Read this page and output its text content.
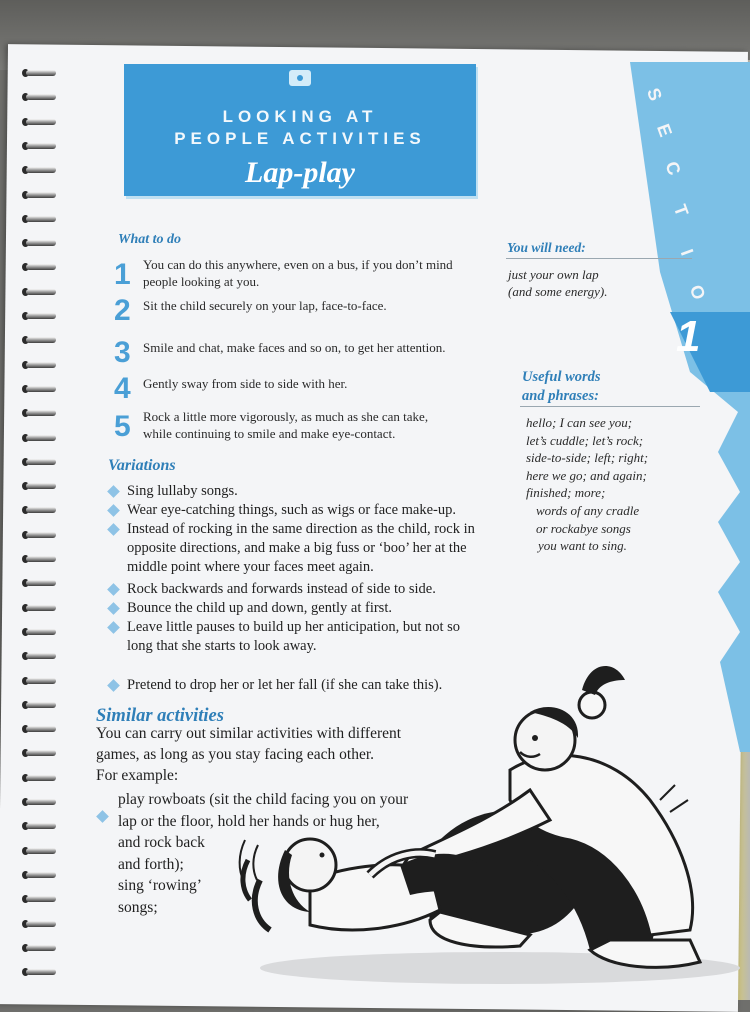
LOOKING AT
PEOPLE ACTIVITIES
Lap-play
S
E
C
T
I
O
1
What to do
1 You can do this anywhere, even on a bus, if you don’t mind
people looking at you.
2 Sit the child securely on your lap, face-to-face.
3 Smile and chat, make faces and so on, to get her attention.
4 Gently sway from side to side with her.
5 Rock a little more vigorously, as much as she can take,
while continuing to smile and make eye-contact.
You will need:
just your own lap
(and some energy).
Useful words
and phrases:
hello; I can see you;
let’s cuddle; let’s rock;
side-to-side; left; right;
here we go; and again;
finished; more;
words of any cradle
or rockabye songs
you want to sing.
Variations
Sing lullaby songs.
Wear eye-catching things, such as wigs or face make-up.
Instead of rocking in the same direction as the child, rock in
opposite directions, and make a big fuss or ‘boo’ her at the
middle point where your faces meet again.
Rock backwards and forwards instead of side to side.
Bounce the child up and down, gently at first.
Leave little pauses to build up her anticipation, but not so
long that she starts to look away.
Pretend to drop her or let her fall (if she can take this).
Similar activities
You can carry out similar activities with different
games, as long as you stay facing each other.
For example:
play rowboats (sit the child facing you on your
lap or the floor, hold her hands or hug her,
and rock back
and forth);
sing ‘rowing’
songs;
